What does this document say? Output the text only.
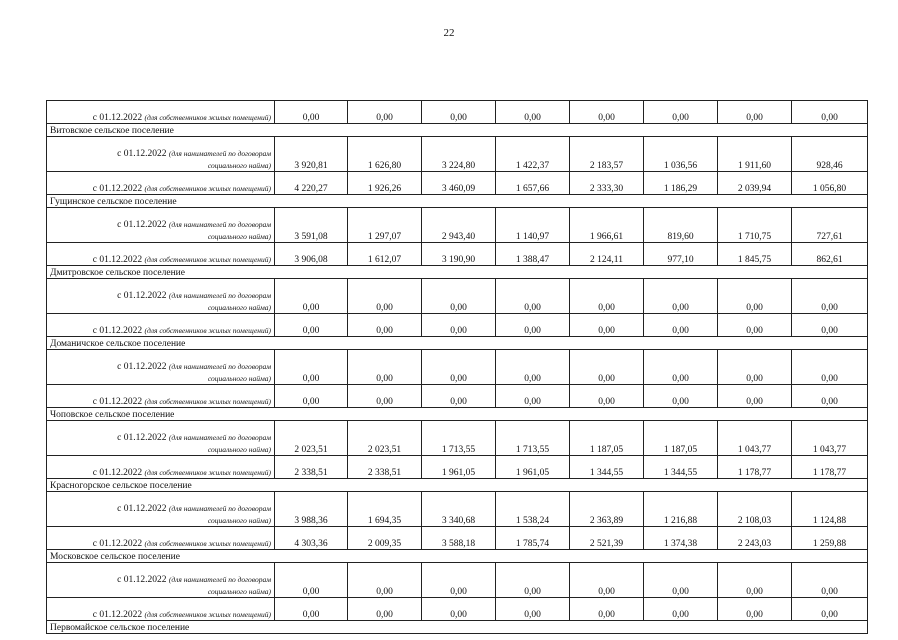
22
с 01.12.2022 (для собственников жилых помещений)	0,00	0,00	0,00	0,00	0,00	0,00	0,00	0,00
Витовское сельское поселение								

с 01.12.2022 (для нанимателей по договорам
социального найма)	3 920,81	1 626,80	3 224,80	1 422,37	2 183,57	1 036,56	1 911,60	928,46
с 01.12.2022 (для собственников жилых помещений)	4 220,27	1 926,26	3 460,09	1 657,66	2 333,30	1 186,29	2 039,94	1 056,80
Гущинское сельское поселение								

с 01.12.2022 (для нанимателей по договорам
социального найма)	3 591,08	1 297,07	2 943,40	1 140,97	1 966,61	819,60	1 710,75	727,61
с 01.12.2022 (для собственников жилых помещений)	3 906,08	1 612,07	3 190,90	1 388,47	2 124,11	977,10	1 845,75	862,61
Дмитровское сельское поселение								

с 01.12.2022 (для нанимателей по договорам
социального найма)	0,00	0,00	0,00	0,00	0,00	0,00	0,00	0,00
с 01.12.2022 (для собственников жилых помещений)	0,00	0,00	0,00	0,00	0,00	0,00	0,00	0,00
Доманичское сельское поселение								

с 01.12.2022 (для нанимателей по договорам
социального найма)	0,00	0,00	0,00	0,00	0,00	0,00	0,00	0,00
с 01.12.2022 (для собственников жилых помещений)	0,00	0,00	0,00	0,00	0,00	0,00	0,00	0,00
Чоповское сельское поселение								

с 01.12.2022 (для нанимателей по договорам
социального найма)	2 023,51	2 023,51	1 713,55	1 713,55	1 187,05	1 187,05	1 043,77	1 043,77
с 01.12.2022 (для собственников жилых помещений)	2 338,51	2 338,51	1 961,05	1 961,05	1 344,55	1 344,55	1 178,77	1 178,77
Красногорское сельское поселение								

с 01.12.2022 (для нанимателей по договорам
социального найма)	3 988,36	1 694,35	3 340,68	1 538,24	2 363,89	1 216,88	2 108,03	1 124,88
с 01.12.2022 (для собственников жилых помещений)	4 303,36	2 009,35	3 588,18	1 785,74	2 521,39	1 374,38	2 243,03	1 259,88
Московское сельское поселение								

с 01.12.2022 (для нанимателей по договорам
социального найма)	0,00	0,00	0,00	0,00	0,00	0,00	0,00	0,00
с 01.12.2022 (для собственников жилых помещений)	0,00	0,00	0,00	0,00	0,00	0,00	0,00	0,00
Первомайское сельское поселение								
